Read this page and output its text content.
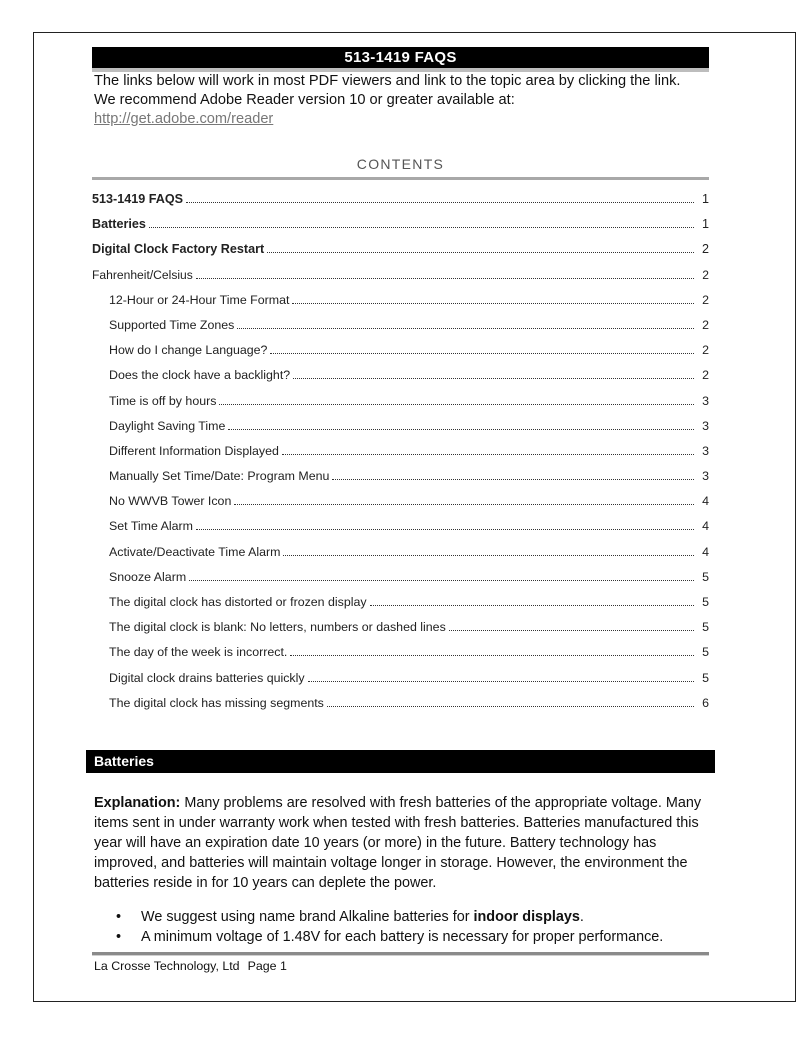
513-1419 FAQS

The links below will work in most PDF viewers and link to the topic area by clicking the link. We recommend Adobe Reader version 10 or greater available at:
http://get.adobe.com/reader

CONTENTS
513-1419 FAQS	1
Batteries	1
Digital Clock Factory Restart	2
Fahrenheit/Celsius	2
12-Hour or 24-Hour Time Format	2
Supported Time Zones	2
How do I change Language?	2
Does the clock have a backlight?	2
Time is off by hours	3
Daylight Saving Time	3
Different Information Displayed	3
Manually Set Time/Date: Program Menu	3
No WWVB Tower Icon	4
Set Time Alarm	4
Activate/Deactivate Time Alarm	4
Snooze Alarm	5
The digital clock has distorted or frozen display	5
The digital clock is blank: No letters, numbers or dashed lines	5
The day of the week is incorrect.	5
Digital clock drains batteries quickly	5
The digital clock has missing segments	6
Batteries

Explanation: Many problems are resolved with fresh batteries of the appropriate voltage. Many items sent in under warranty work when tested with fresh batteries. Batteries manufactured this year will have an expiration date 10 years (or more) in the future. Battery technology has improved, and batteries will maintain voltage longer in storage. However, the environment the batteries reside in for 10 years can deplete the power.

• We suggest using name brand Alkaline batteries for indoor displays.
• A minimum voltage of 1.48V for each battery is necessary for proper performance.
La Crosse Technology, Ltd Page 1
